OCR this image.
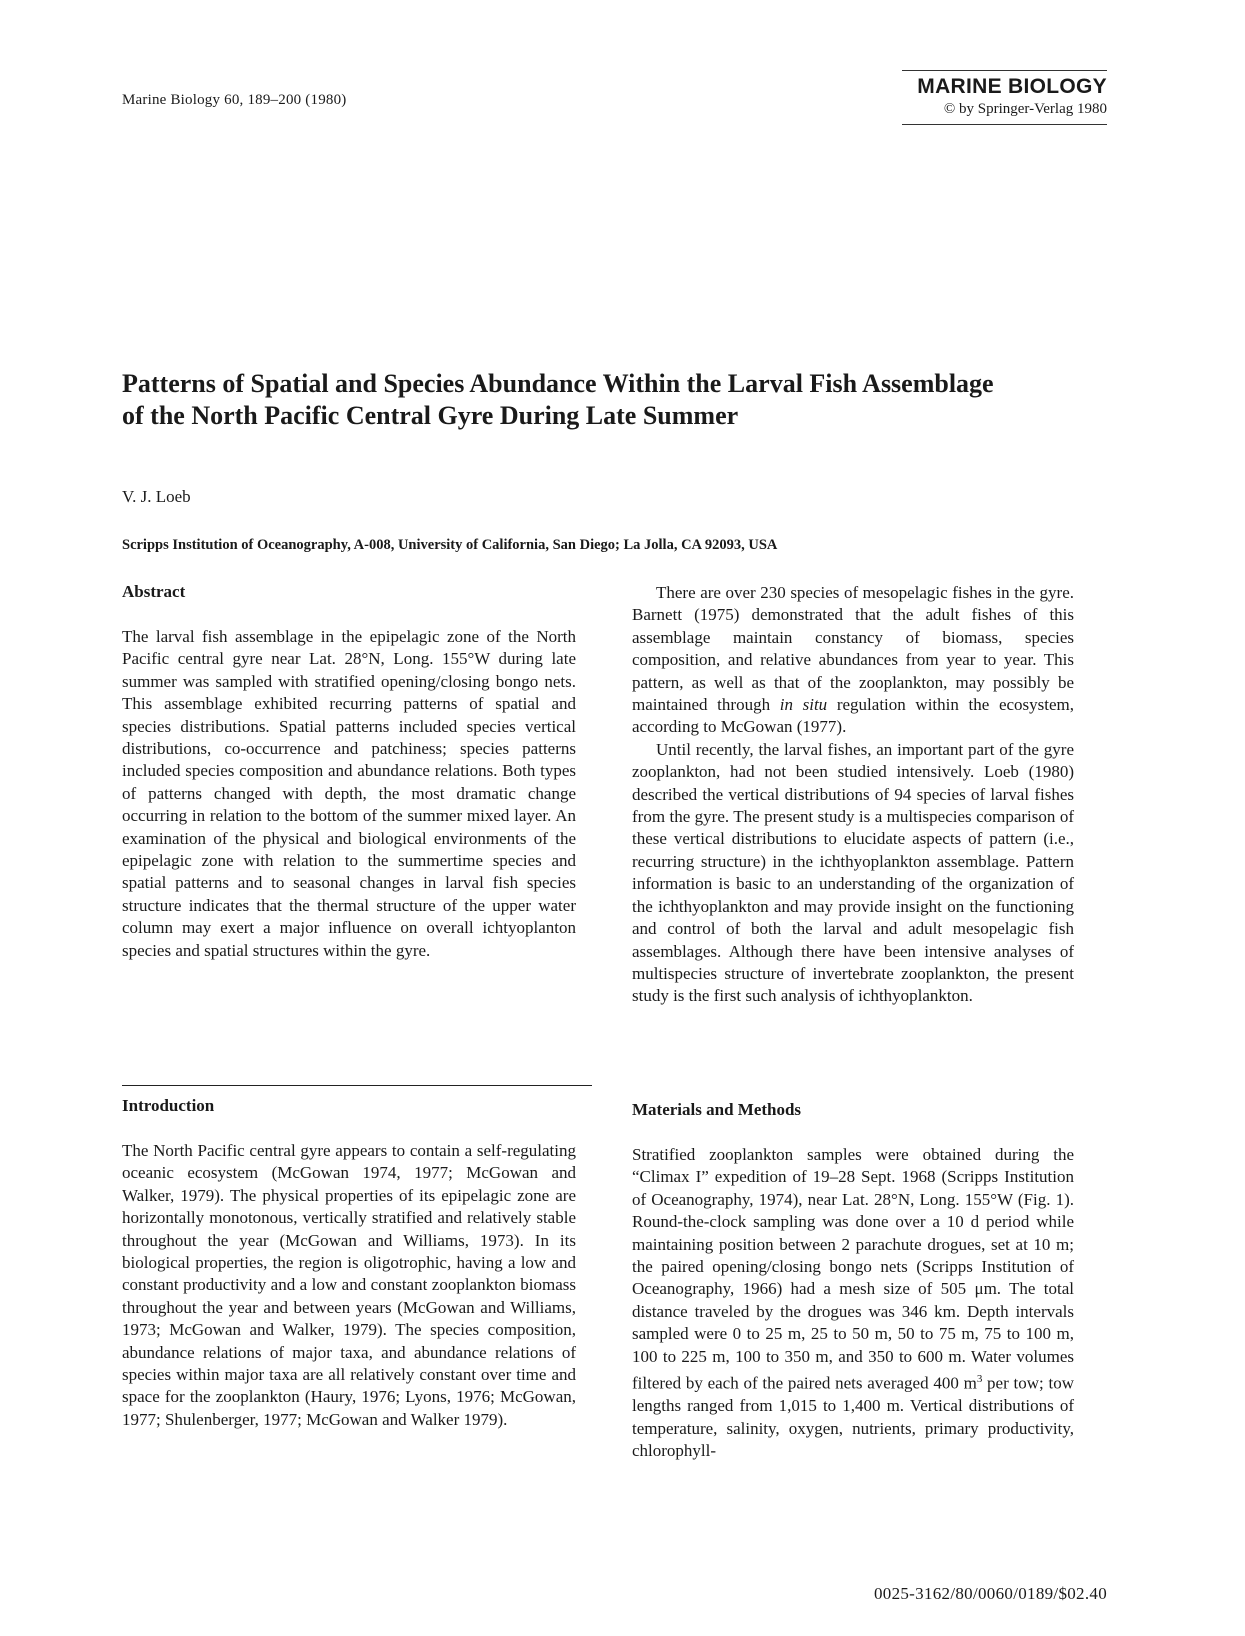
Marine Biology 60, 189–200 (1980)
MARINE BIOLOGY
© by Springer-Verlag 1980
Patterns of Spatial and Species Abundance Within the Larval Fish Assemblage
of the North Pacific Central Gyre During Late Summer
V. J. Loeb
Scripps Institution of Oceanography, A-008, University of California, San Diego; La Jolla, CA 92093, USA
Abstract
The larval fish assemblage in the epipelagic zone of the North Pacific central gyre near Lat. 28°N, Long. 155°W during late summer was sampled with stratified opening/closing bongo nets. This assemblage exhibited recurring patterns of spatial and species distributions. Spatial patterns included species vertical distributions, co-occurrence and patchiness; species patterns included species composition and abundance relations. Both types of patterns changed with depth, the most dramatic change occurring in relation to the bottom of the summer mixed layer. An examination of the physical and biological environments of the epipelagic zone with relation to the summertime species and spatial patterns and to seasonal changes in larval fish species structure indicates that the thermal structure of the upper water column may exert a major influence on overall ichtyoplanton species and spatial structures within the gyre.

There are over 230 species of mesopelagic fishes in the gyre. Barnett (1975) demonstrated that the adult fishes of this assemblage maintain constancy of biomass, species composition, and relative abundances from year to year. This pattern, as well as that of the zooplankton, may possibly be maintained through in situ regulation within the ecosystem, according to McGowan (1977).

Until recently, the larval fishes, an important part of the gyre zooplankton, had not been studied intensively. Loeb (1980) described the vertical distributions of 94 species of larval fishes from the gyre. The present study is a multispecies comparison of these vertical distributions to elucidate aspects of pattern (i.e., recurring structure) in the ichthyoplankton assemblage. Pattern information is basic to an understanding of the organization of the ichthyoplankton and may provide insight on the functioning and control of both the larval and adult mesopelagic fish assemblages. Although there have been intensive analyses of multispecies structure of invertebrate zooplankton, the present study is the first such analysis of ichthyoplankton.

Introduction
The North Pacific central gyre appears to contain a self-regulating oceanic ecosystem (McGowan 1974, 1977; McGowan and Walker, 1979). The physical properties of its epipelagic zone are horizontally monotonous, vertically stratified and relatively stable throughout the year (McGowan and Williams, 1973). In its biological properties, the region is oligotrophic, having a low and constant productivity and a low and constant zooplankton biomass throughout the year and between years (McGowan and Williams, 1973; McGowan and Walker, 1979). The species composition, abundance relations of major taxa, and abundance relations of species within major taxa are all relatively constant over time and space for the zooplankton (Haury, 1976; Lyons, 1976; McGowan, 1977; Shulenberger, 1977; McGowan and Walker 1979).
Materials and Methods
Stratified zooplankton samples were obtained during the “Climax I” expedition of 19–28 Sept. 1968 (Scripps Institution of Oceanography, 1974), near Lat. 28°N, Long. 155°W (Fig. 1). Round-the-clock sampling was done over a 10 d period while maintaining position between 2 parachute drogues, set at 10 m; the paired opening/closing bongo nets (Scripps Institution of Oceanography, 1966) had a mesh size of 505 μm. The total distance traveled by the drogues was 346 km. Depth intervals sampled were 0 to 25 m, 25 to 50 m, 50 to 75 m, 75 to 100 m, 100 to 225 m, 100 to 350 m, and 350 to 600 m. Water volumes filtered by each of the paired nets averaged 400 $m^3$ per tow; tow lengths ranged from 1,015 to 1,400 m. Vertical distributions of temperature, salinity, oxygen, nutrients, primary productivity, chlorophyll-
0025-3162/80/0060/0189/$02.40
